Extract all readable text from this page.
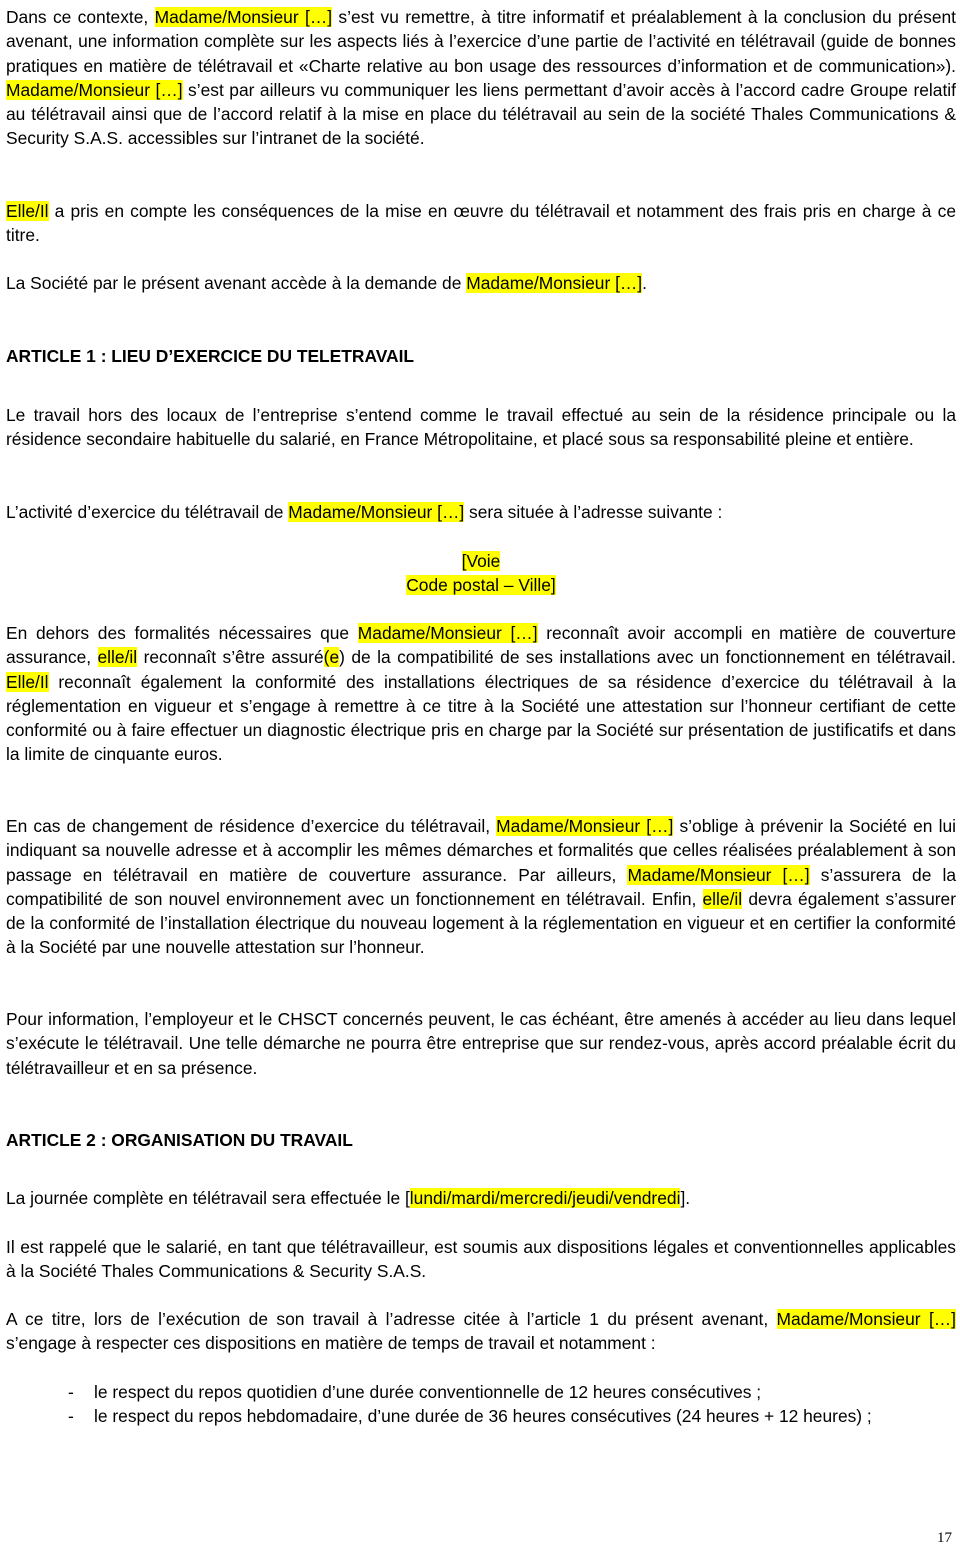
Dans ce contexte, Madame/Monsieur […] s’est vu remettre, à titre informatif et préalablement à la conclusion du présent avenant, une information complète sur les aspects liés à l’exercice d’une partie de l’activité en télétravail (guide de bonnes pratiques en matière de télétravail et «Charte relative au bon usage des ressources d’information et de communication»). Madame/Monsieur […] s’est par ailleurs vu communiquer les liens permettant d’avoir accès à l’accord cadre Groupe relatif au télétravail ainsi que de l’accord relatif à la mise en place du télétravail au sein de la société Thales Communications & Security S.A.S. accessibles sur l’intranet de la société.

Elle/Il a pris en compte les conséquences de la mise en œuvre du télétravail et notamment des frais pris en charge à ce titre.

La Société par le présent avenant accède à la demande de Madame/Monsieur […].

ARTICLE 1 : LIEU D’EXERCICE DU TELETRAVAIL

Le travail hors des locaux de l’entreprise s’entend comme le travail effectué au sein de la résidence principale ou la résidence secondaire habituelle du salarié, en France Métropolitaine, et placé sous sa responsabilité pleine et entière.

L’activité d’exercice du télétravail de Madame/Monsieur […] sera située à l’adresse suivante :

[Voie
Code postal – Ville]

En dehors des formalités nécessaires que Madame/Monsieur […] reconnaît avoir accompli en matière de couverture assurance, elle/il reconnaît s’être assuré(e) de la compatibilité de ses installations avec un fonctionnement en télétravail. Elle/Il reconnaît également la conformité des installations électriques de sa résidence d’exercice du télétravail à la réglementation en vigueur et s’engage à remettre à ce titre à la Société une attestation sur l’honneur certifiant de cette conformité ou à faire effectuer un diagnostic électrique pris en charge par la Société sur présentation de justificatifs et dans la limite de cinquante euros.

En cas de changement de résidence d’exercice du télétravail, Madame/Monsieur […] s’oblige à prévenir la Société en lui indiquant sa nouvelle adresse et à accomplir les mêmes démarches et formalités que celles réalisées préalablement à son passage en télétravail en matière de couverture assurance. Par ailleurs, Madame/Monsieur […] s’assurera de la compatibilité de son nouvel environnement avec un fonctionnement en télétravail. Enfin, elle/il devra également s’assurer de la conformité de l’installation électrique du nouveau logement à la réglementation en vigueur et en certifier la conformité à la Société par une nouvelle attestation sur l’honneur.

Pour information, l’employeur et le CHSCT concernés peuvent, le cas échéant, être amenés à accéder au lieu dans lequel s’exécute le télétravail. Une telle démarche ne pourra être entreprise que sur rendez-vous, après accord préalable écrit du télétravailleur et en sa présence.

ARTICLE 2 : ORGANISATION DU TRAVAIL

La journée complète en télétravail sera effectuée le [lundi/mardi/mercredi/jeudi/vendredi].

Il est rappelé que le salarié, en tant que télétravailleur, est soumis aux dispositions légales et conventionnelles applicables à la Société Thales Communications & Security S.A.S.

A ce titre, lors de l’exécution de son travail à l’adresse citée à l’article 1 du présent avenant, Madame/Monsieur […] s’engage à respecter ces dispositions en matière de temps de travail et notamment :

- le respect du repos quotidien d’une durée conventionnelle de 12 heures consécutives ;
- le respect du repos hebdomadaire, d’une durée de 36 heures consécutives (24 heures + 12 heures) ;
17
